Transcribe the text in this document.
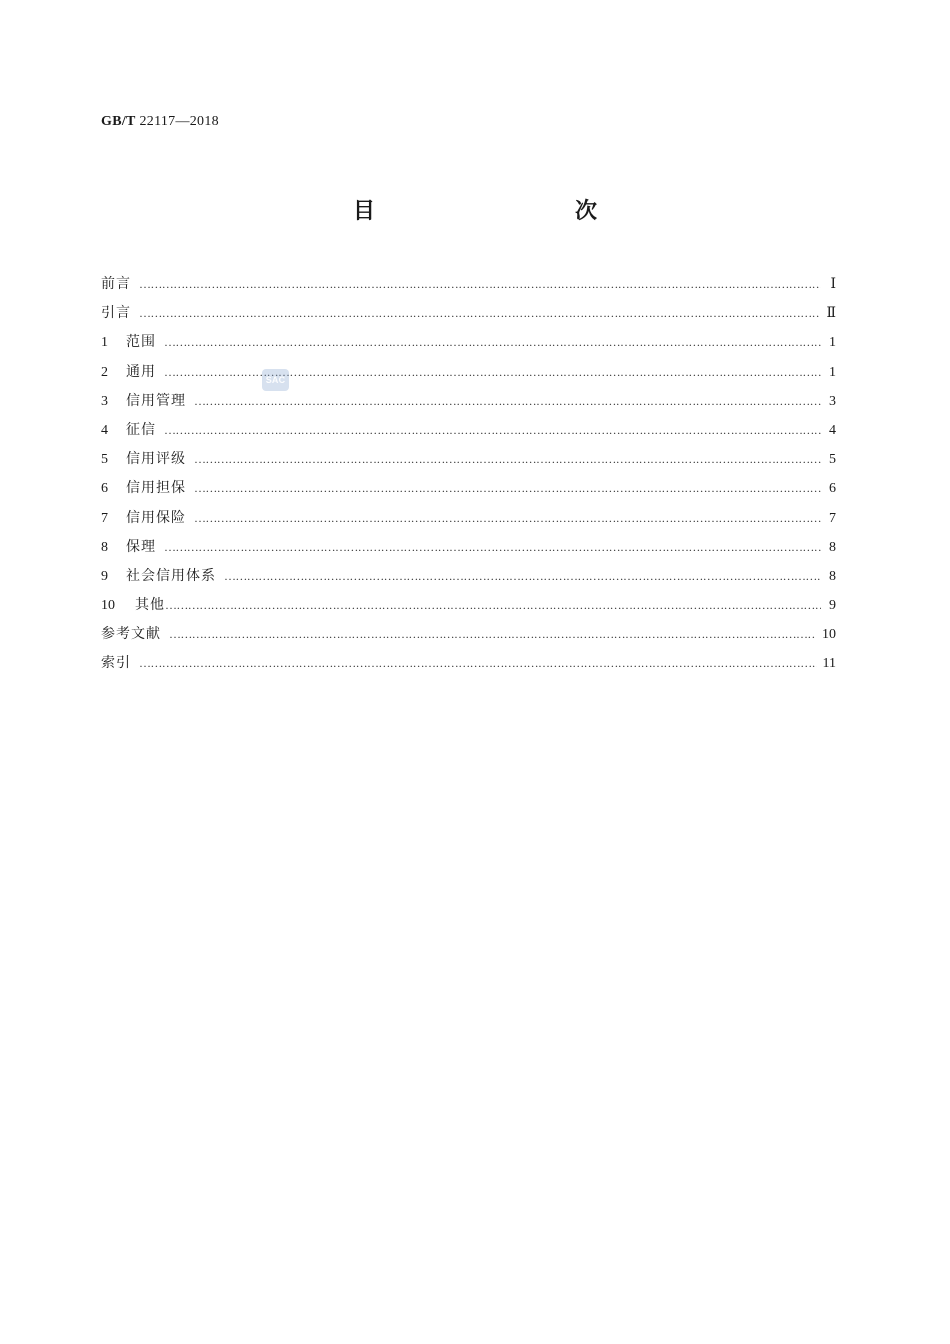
GB/T 22117—2018
目　　次
前言 …………………………………………………………………………………………………………………………………………………………………………………………………………………………………………………………………	Ⅰ
引言 …………………………………………………………………………………………………………………………………………………………………………………………………………………………………………………………………	Ⅱ
1	范围 …………………………………………………………………………………………………………………………………………………………………………………………………………………………………………………………………	1
2	通用 …………………………………………………………………………………………………………………………………………………………………………………………………………………………………………………………………	1
3	信用管理 …………………………………………………………………………………………………………………………………………………………………………………………………………………………………………………………………	3
4	征信 …………………………………………………………………………………………………………………………………………………………………………………………………………………………………………………………………	4
5	信用评级 …………………………………………………………………………………………………………………………………………………………………………………………………………………………………………………………………	5
6	信用担保 …………………………………………………………………………………………………………………………………………………………………………………………………………………………………………………………………	6
7	信用保险 …………………………………………………………………………………………………………………………………………………………………………………………………………………………………………………………………	7
8	保理 …………………………………………………………………………………………………………………………………………………………………………………………………………………………………………………………………	8
9	社会信用体系 …………………………………………………………………………………………………………………………………………………………………………………………………………………………………………………………………	8
10	其他 …………………………………………………………………………………………………………………………………………………………………………………………………………………………………………………………………	9
参考文献 …………………………………………………………………………………………………………………………………………………………………………………………………………………………………………………………………	10
索引 …………………………………………………………………………………………………………………………………………………………………………………………………………………………………………………………………	11
SAC
